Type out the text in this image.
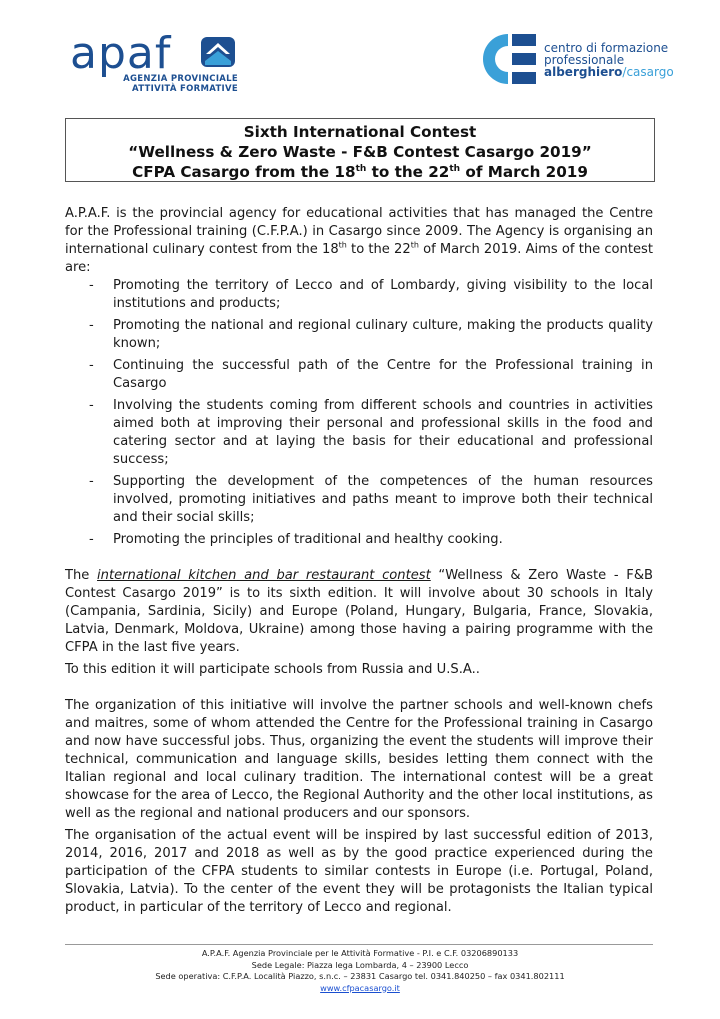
apaf
AGENZIA PROVINCIALE
ATTIVITÀ FORMATIVE
centro di formazione
professionale
alberghiero/casargo
Sixth International Contest
“Wellness & Zero Waste - F&B Contest Casargo 2019”
CFPA Casargo from the 18th to the 22th of March 2019

A.P.A.F. is the provincial agency for educational activities that has managed the Centre for the Professional training (C.F.P.A.) in Casargo since 2009. The Agency is organising an international culinary contest from the 18th to the 22th of March 2019. Aims of the contest are:

- Promoting the territory of Lecco and of Lombardy, giving visibility to the local institutions and products;
- Promoting the national and regional culinary culture, making the products quality known;
- Continuing the successful path of the Centre for the Professional training in Casargo
- Involving the students coming from different schools and countries in activities aimed both at improving their personal and professional skills in the food and catering sector and at laying the basis for their educational and professional success;
- Supporting the development of the competences of the human resources involved, promoting initiatives and paths meant to improve both their technical and their social skills;
- Promoting the principles of traditional and healthy cooking.

The international kitchen and bar restaurant contest “Wellness & Zero Waste - F&B Contest Casargo 2019” is to its sixth edition. It will involve about 30 schools in Italy (Campania, Sardinia, Sicily) and Europe (Poland, Hungary, Bulgaria, France, Slovakia, Latvia, Denmark, Moldova, Ukraine) among those having a pairing programme with the CFPA in the last five years.

To this edition it will participate schools from Russia and U.S.A..

The organization of this initiative will involve the partner schools and well-known chefs and maitres, some of whom attended the Centre for the Professional training in Casargo and now have successful jobs. Thus, organizing the event the students will improve their technical, communication and language skills, besides letting them connect with the Italian regional and local culinary tradition. The international contest will be a great showcase for the area of Lecco, the Regional Authority and the other local institutions, as well as the regional and national producers and our sponsors.

The organisation of the actual event will be inspired by last successful edition of 2013, 2014, 2016, 2017 and 2018 as well as by the good practice experienced during the participation of the CFPA students to similar contests in Europe (i.e. Portugal, Poland, Slovakia, Latvia). To the center of the event they will be protagonists the Italian typical product, in particular of the territory of Lecco and regional.

A.P.A.F. Agenzia Provinciale per le Attività Formative - P.I. e C.F. 03206890133
Sede Legale: Piazza lega Lombarda, 4 – 23900 Lecco
Sede operativa: C.F.P.A. Località Piazzo, s.n.c. – 23831 Casargo tel. 0341.840250 – fax 0341.802111
www.cfpacasargo.it
